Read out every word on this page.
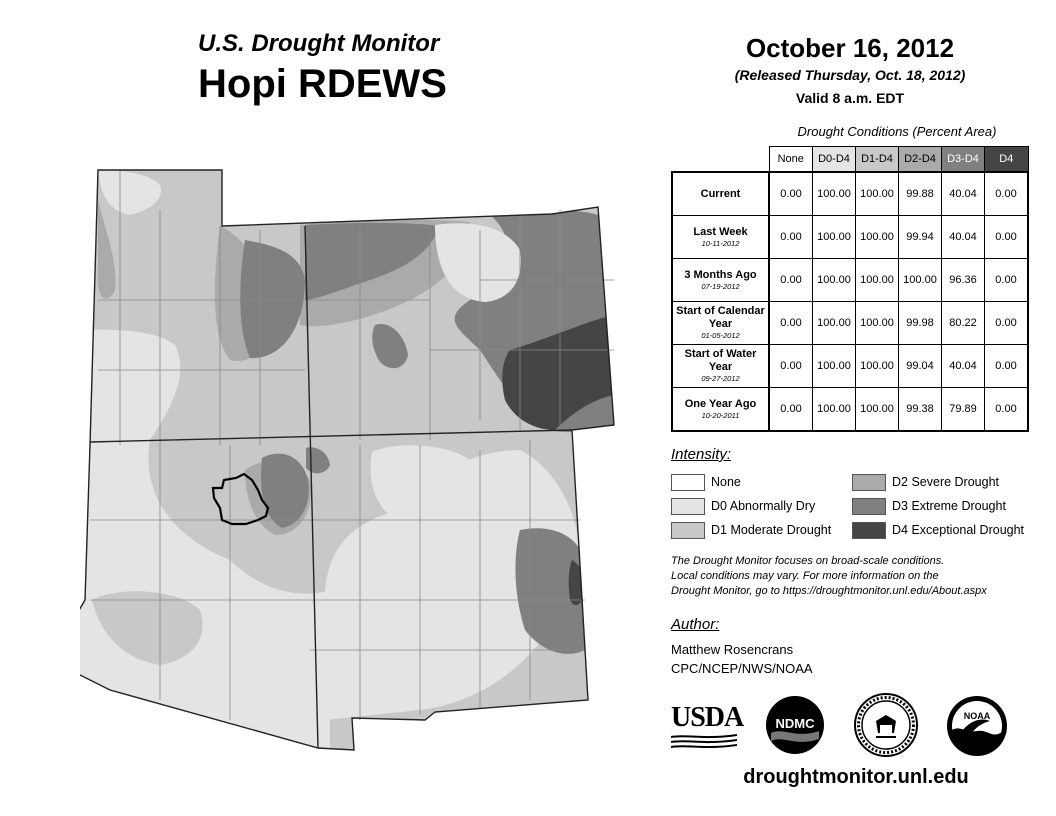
U.S. Drought Monitor
Hopi RDEWS
October 16, 2012
(Released Thursday, Oct. 18, 2012)
Valid 8 a.m. EDT
Drought Conditions (Percent Area)
	None	D0-D4	D1-D4	D2-D4	D3-D4	D4
Current	0.00	100.00	100.00	99.88	40.04	0.00
Last Week
10-11-2012	0.00	100.00	100.00	99.94	40.04	0.00
3 Months Ago
07-19-2012	0.00	100.00	100.00	100.00	96.36	0.00
Start of Calendar Year
01-05-2012	0.00	100.00	100.00	99.98	80.22	0.00
Start of Water Year
09-27-2012	0.00	100.00	100.00	99.04	40.04	0.00
One Year Ago
10-20-2011	0.00	100.00	100.00	99.38	79.89	0.00
Intensity:
None
D0 Abnormally Dry
D1 Moderate Drought
D2 Severe Drought
D3 Extreme Drought
D4 Exceptional Drought
The Drought Monitor focuses on broad-scale conditions.
Local conditions may vary. For more information on the
Drought Monitor, go to https://droughtmonitor.unl.edu/About.aspx
Author:
Matthew Rosencrans
CPC/NCEP/NWS/NOAA
USDA NDMC	NOAA
droughtmonitor.unl.edu
